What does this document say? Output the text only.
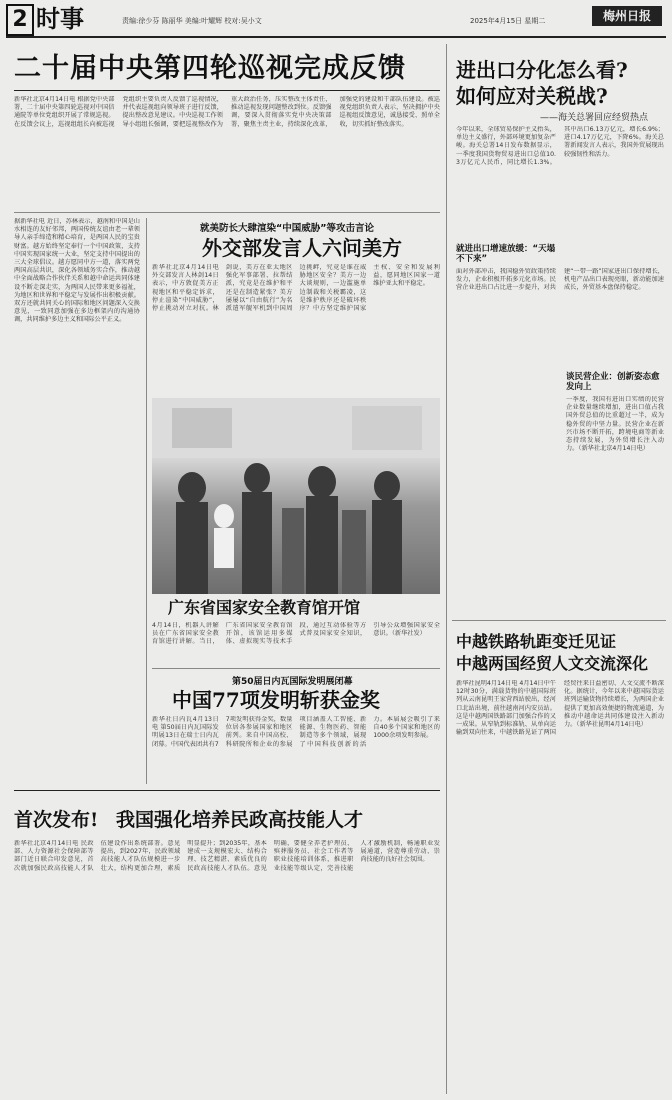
2 时事	责编:徐少芬 陈丽华 美编:叶耀辉 校对:吴小文	2025年4月15日 星期二	梅州日报
二十届中央第四轮巡视完成反馈
新华社北京4月14日电 根据党中央部署，二十届中央第四轮巡视对中国信通院等单位党组织开展了常规巡视。在反馈会议上，巡视组组长向被巡视党组织主要负责人反馈了巡视情况，并代表巡视组向领导班子进行反馈，提出整改意见建议。中央巡视工作领导小组组长强调，要把巡视整改作为重大政治任务，压实整改主体责任，推动巡视发现问题整改到位。反馈强调，要深入贯彻落实党中央决策部署，聚焦主责主业，持续深化改革，加强党的建设和干部队伍建设。被巡视党组织负责人表示，坚决拥护中央巡视组反馈意见，诚恳接受、照单全收，切实抓好整改落实。
进出口分化怎么看?
如何应对关税战?
——海关总署回应经贸热点
今年以来，全球贸易保护主义抬头，单边主义盛行，外部环境更加复杂严峻。海关总署14日发布数据显示，一季度我国货物贸易进出口总值10.3万亿元人民币，同比增长1.3%。其中出口6.13万亿元，增长6.9%；进口4.17万亿元，下降6%。海关总署新闻发言人表示，我国外贸展现出较强韧性和活力。
就进出口增速放缓：“天塌不下来”
面对外部冲击，我国稳外贸政策持续发力，企业积极开拓多元化市场。民营企业进出口占比进一步提升，对共建“一带一路”国家进出口保持增长，机电产品出口表现亮眼，新动能加速成长，外贸基本盘保持稳定。
谈民营企业：创新姿态愈发向上
一季度，我国有进出口实绩的民营企业数量继续增加，进出口值占我国外贸总值的比重超过一半，成为稳外贸的中坚力量。民营企业在新兴市场不断开拓，跨境电商等新业态持续发展，为外贸增长注入动力。（新华社北京4月14日电）
据新华社电 近日，苏林表示，越南和中国是山水相连的友好邻邦，两国传统友谊由老一辈领导人亲手缔造和精心培育，是两国人民的宝贵财富。越方始终坚定奉行一个中国政策，支持中国实现国家统一大业，坚定支持中国提出的三大全球倡议。越方愿同中方一道，落实两党两国高层共识，深化各领域务实合作，推动越中全面战略合作伙伴关系和越中命运共同体建设不断走深走实，为两国人民带来更多福祉，为地区和世界和平稳定与发展作出积极贡献。双方还就共同关心的国际和地区问题深入交换意见，一致同意加强在多边框架内的沟通协调，共同维护多边主义和国际公平正义。
就美防长大肆渲染“中国威胁”等攻击言论
外交部发言人六问美方
新华社北京4月14日电 外交部发言人林剑14日表示，中方敦促美方正视地区和平稳定诉求，停止渲染“中国威胁”，停止挑动对立对抗。林剑说，美方在亚太地区强化军事部署、拉帮结派，究竟是在维护和平还是在制造紧张？美方屡屡以“自由航行”为名派遣军舰军机到中国周边挑衅，究竟是谁在威胁地区安全？美方一边大谈规则，一边滥施单边制裁和关税霸凌，这是维护秩序还是破坏秩序？中方坚定维护国家主权、安全和发展利益，愿同地区国家一道维护亚太和平稳定。
广东省国家安全教育馆开馆
4月14日，机器人讲解员在广东省国家安全教育馆进行讲解。当日，广东省国家安全教育馆开馆，该馆运用多媒体、虚拟现实等技术手段，通过互动体验等方式普及国家安全知识，引导公众增强国家安全意识。（新华社发）
第50届日内瓦国际发明展闭幕
中国77项发明斩获金奖
新华社日内瓦4月13日电 第50届日内瓦国际发明展13日在瑞士日内瓦闭幕。中国代表团共有77项发明获得金奖，数量位居各参展国家和地区前列。来自中国高校、科研院所和企业的参展项目涵盖人工智能、新能源、生物医药、智能制造等多个领域，展现了中国科技创新的活力。本届展会吸引了来自40多个国家和地区的1000余项发明参展。
中越铁路轨距变迁见证
中越两国经贸人文交流深化
新华社昆明4月14日电 4月14日中午12时30分，满载货物的中越国际班列从云南昆明王家营西站驶出，经河口北站出境，前往越南河内安员站。这是中越两国铁路部门加强合作的又一成果。从窄轨到标准轨、从单向运输到双向往来，中越铁路见证了两国经贸往来日益密切、人文交流不断深化。据统计，今年以来中越国际货运班列运输货物持续增长，为两国企业提供了更加高效便捷的物流通道，为推动中越命运共同体建设注入新动力。（新华社昆明4月14日电）
首次发布! 我国强化培养民政高技能人才
新华社北京4月14日电 民政部、人力资源社会保障部等部门近日联合印发意见，首次就加强民政高技能人才队伍建设作出系统部署。意见提出，到2027年，民政领域高技能人才队伍规模进一步壮大，结构更加合理，素质明显提升；到2035年，基本建成一支规模宏大、结构合理、技艺精湛、素质优良的民政高技能人才队伍。意见明确，要健全养老护理员、殡葬服务员、社会工作者等职业技能培训体系，推进职业技能等级认定，完善技能人才激励机制，畅通职业发展通道，营造尊重劳动、崇尚技能的良好社会氛围。
